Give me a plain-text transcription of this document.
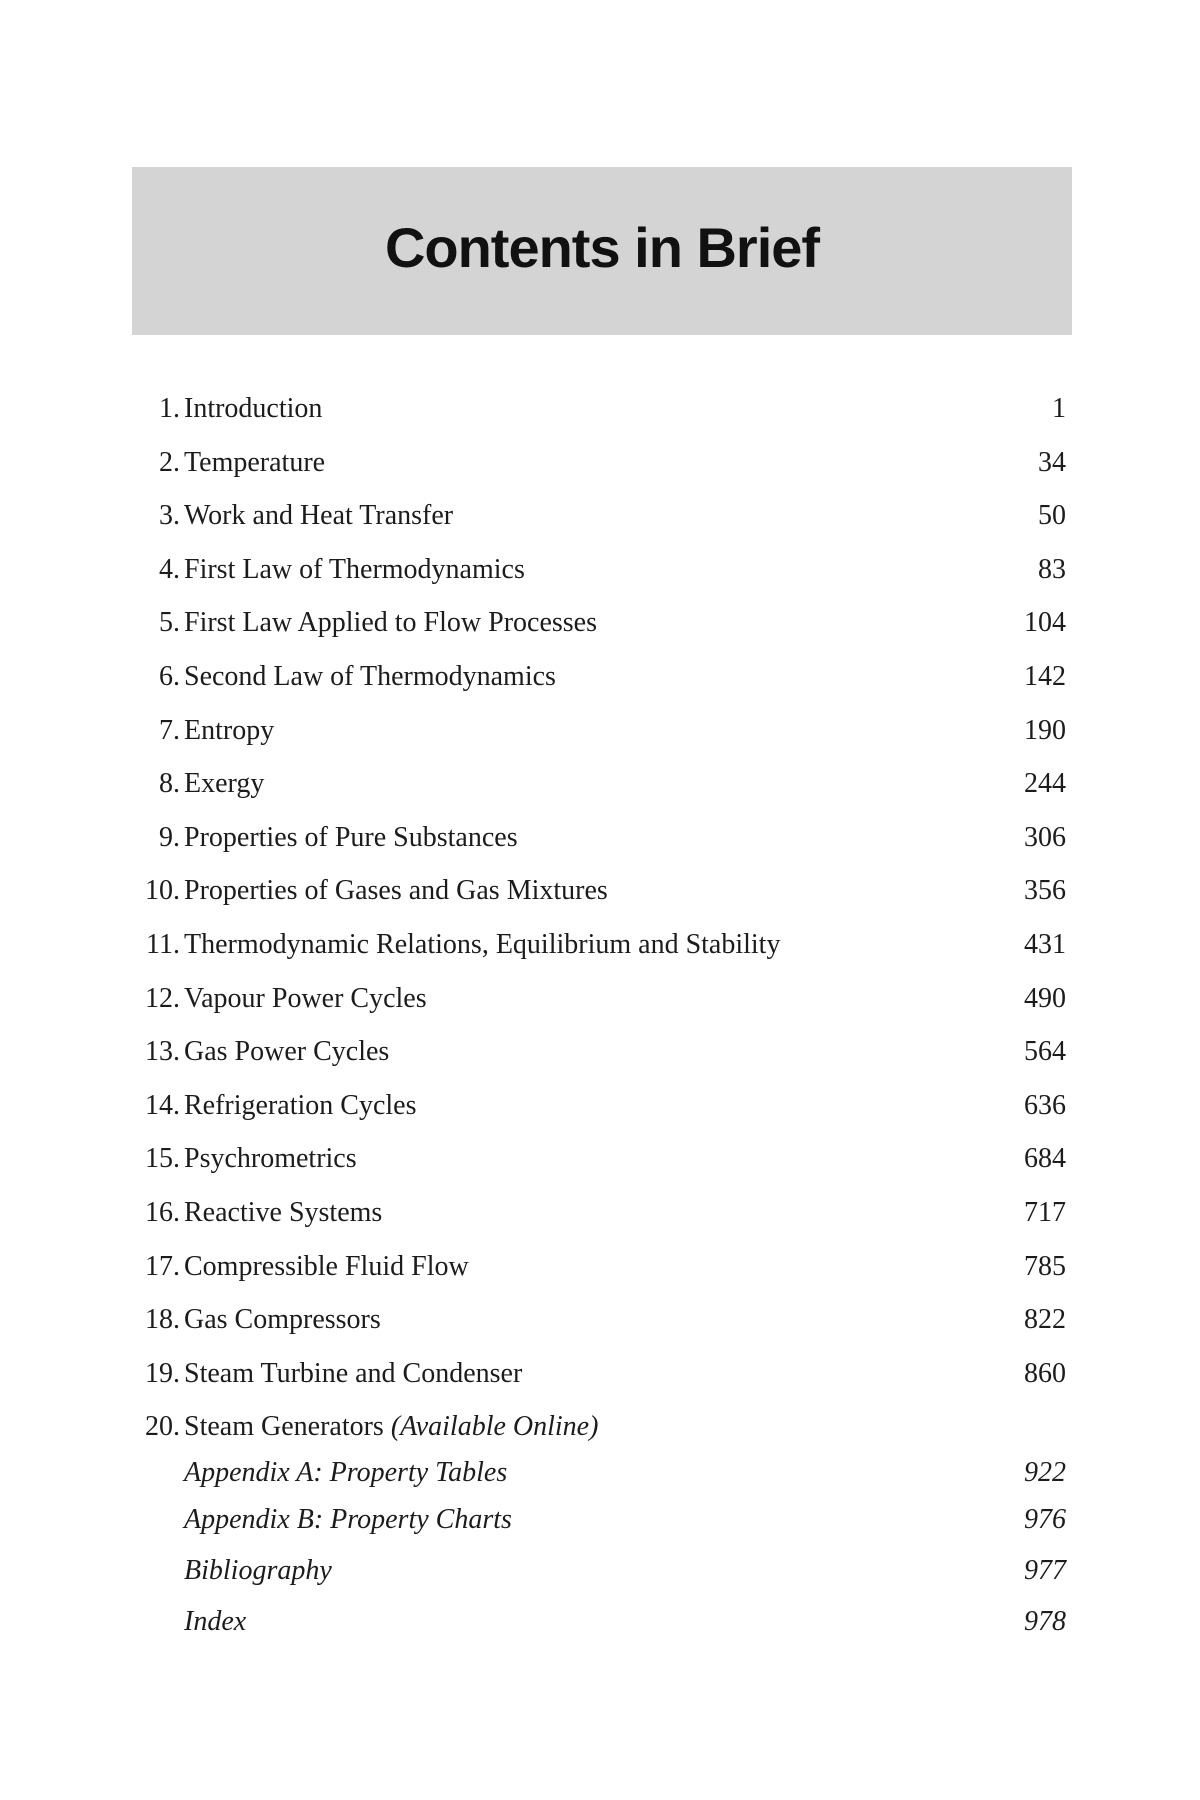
Contents in Brief
1. Introduction	1
2. Temperature	34
3. Work and Heat Transfer	50
4. First Law of Thermodynamics	83
5. First Law Applied to Flow Processes	104
6. Second Law of Thermodynamics	142
7. Entropy	190
8. Exergy	244
9. Properties of Pure Substances	306
10. Properties of Gases and Gas Mixtures	356
11. Thermodynamic Relations, Equilibrium and Stability	431
12. Vapour Power Cycles	490
13. Gas Power Cycles	564
14. Refrigeration Cycles	636
15. Psychrometrics	684
16. Reactive Systems	717
17. Compressible Fluid Flow	785
18. Gas Compressors	822
19. Steam Turbine and Condenser	860
20. Steam Generators (Available Online)
Appendix A: Property Tables	922
Appendix B: Property Charts	976
Bibliography	977
Index	978
